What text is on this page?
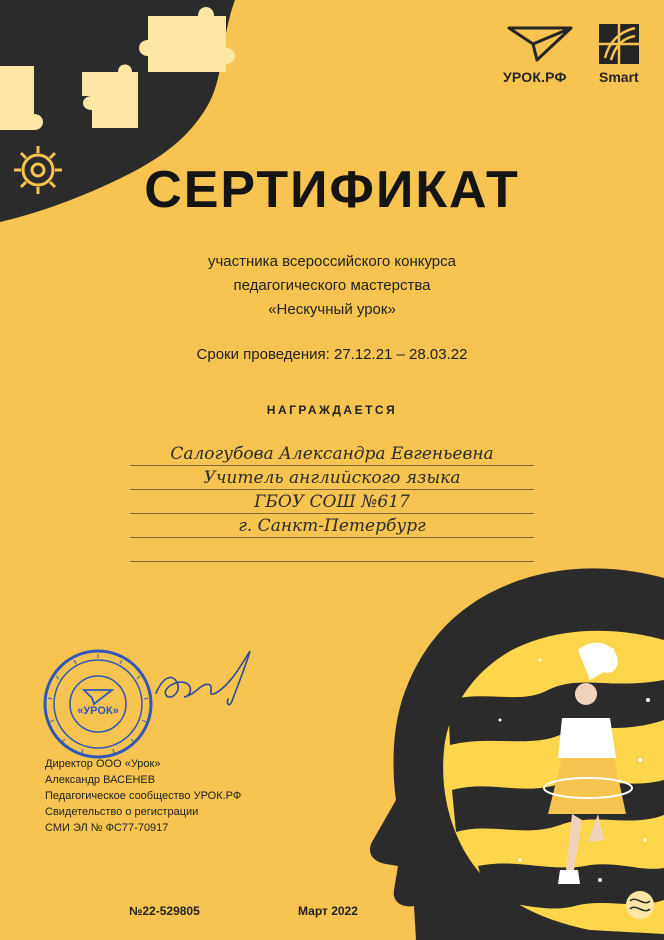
УРОК.РФ Smart
СЕРТИФИКАТ
участника всероссийского конкурса
педагогического мастерства
«Нескучный урок»
Сроки проведения: 27.12.21 – 28.03.22
НАГРАЖДАЕТСЯ
Салогубова Александра Евгеньевна
Учитель английского языка
ГБОУ СОШ №617
г. Санкт-Петербург
«УРОК»
Директор ООО «Урок»
Александр ВАСЕНЕВ
Педагогическое сообщество УРОК.РФ
Свидетельство о регистрации
СМИ ЭЛ № ФС77-70917
№22-529805	Март 2022
